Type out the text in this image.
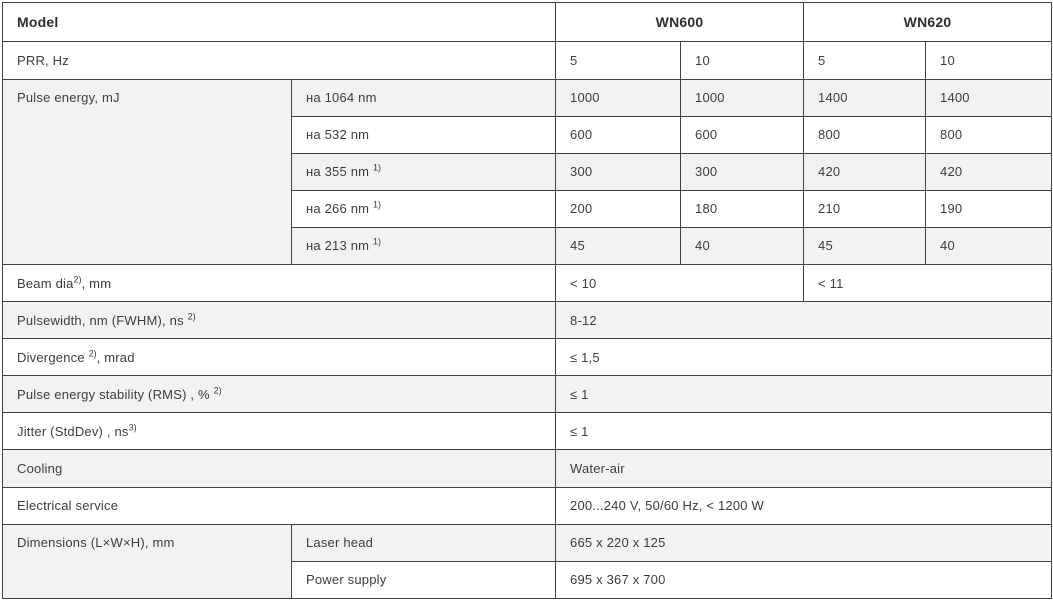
Model		WN600		WN620	
PRR, Hz		5	10	5	10
Pulse energy, mJ	на 1064 nm	1000	1000	1400	1400
	на 532 nm	600	600	800	800
	на 355 nm $^{1)}$	300	300	420	420
	на 266 nm $^{1)}$	200	180	210	190
	на 213 nm $^{1)}$	45	40	45	40
Beam dia$^{2)}$, mm		< 10		< 11	
Pulsewidth, nm (FWHM), ns $^{2)}$		8-12			
Divergence $^{2)}$, mrad		≤ 1,5			
Pulse energy stability (RMS) , % $^{2)}$		≤ 1			
Jitter (StdDev) , $ns^{3)}$		≤ 1			
Cooling		Water-air			
Electrical service		200...240 V, 50/60 Hz, < 1200 W			
Dimensions (L×W×H), mm	Laser head	665 x 220 x 125			
	Power supply	695 x 367 x 700			
